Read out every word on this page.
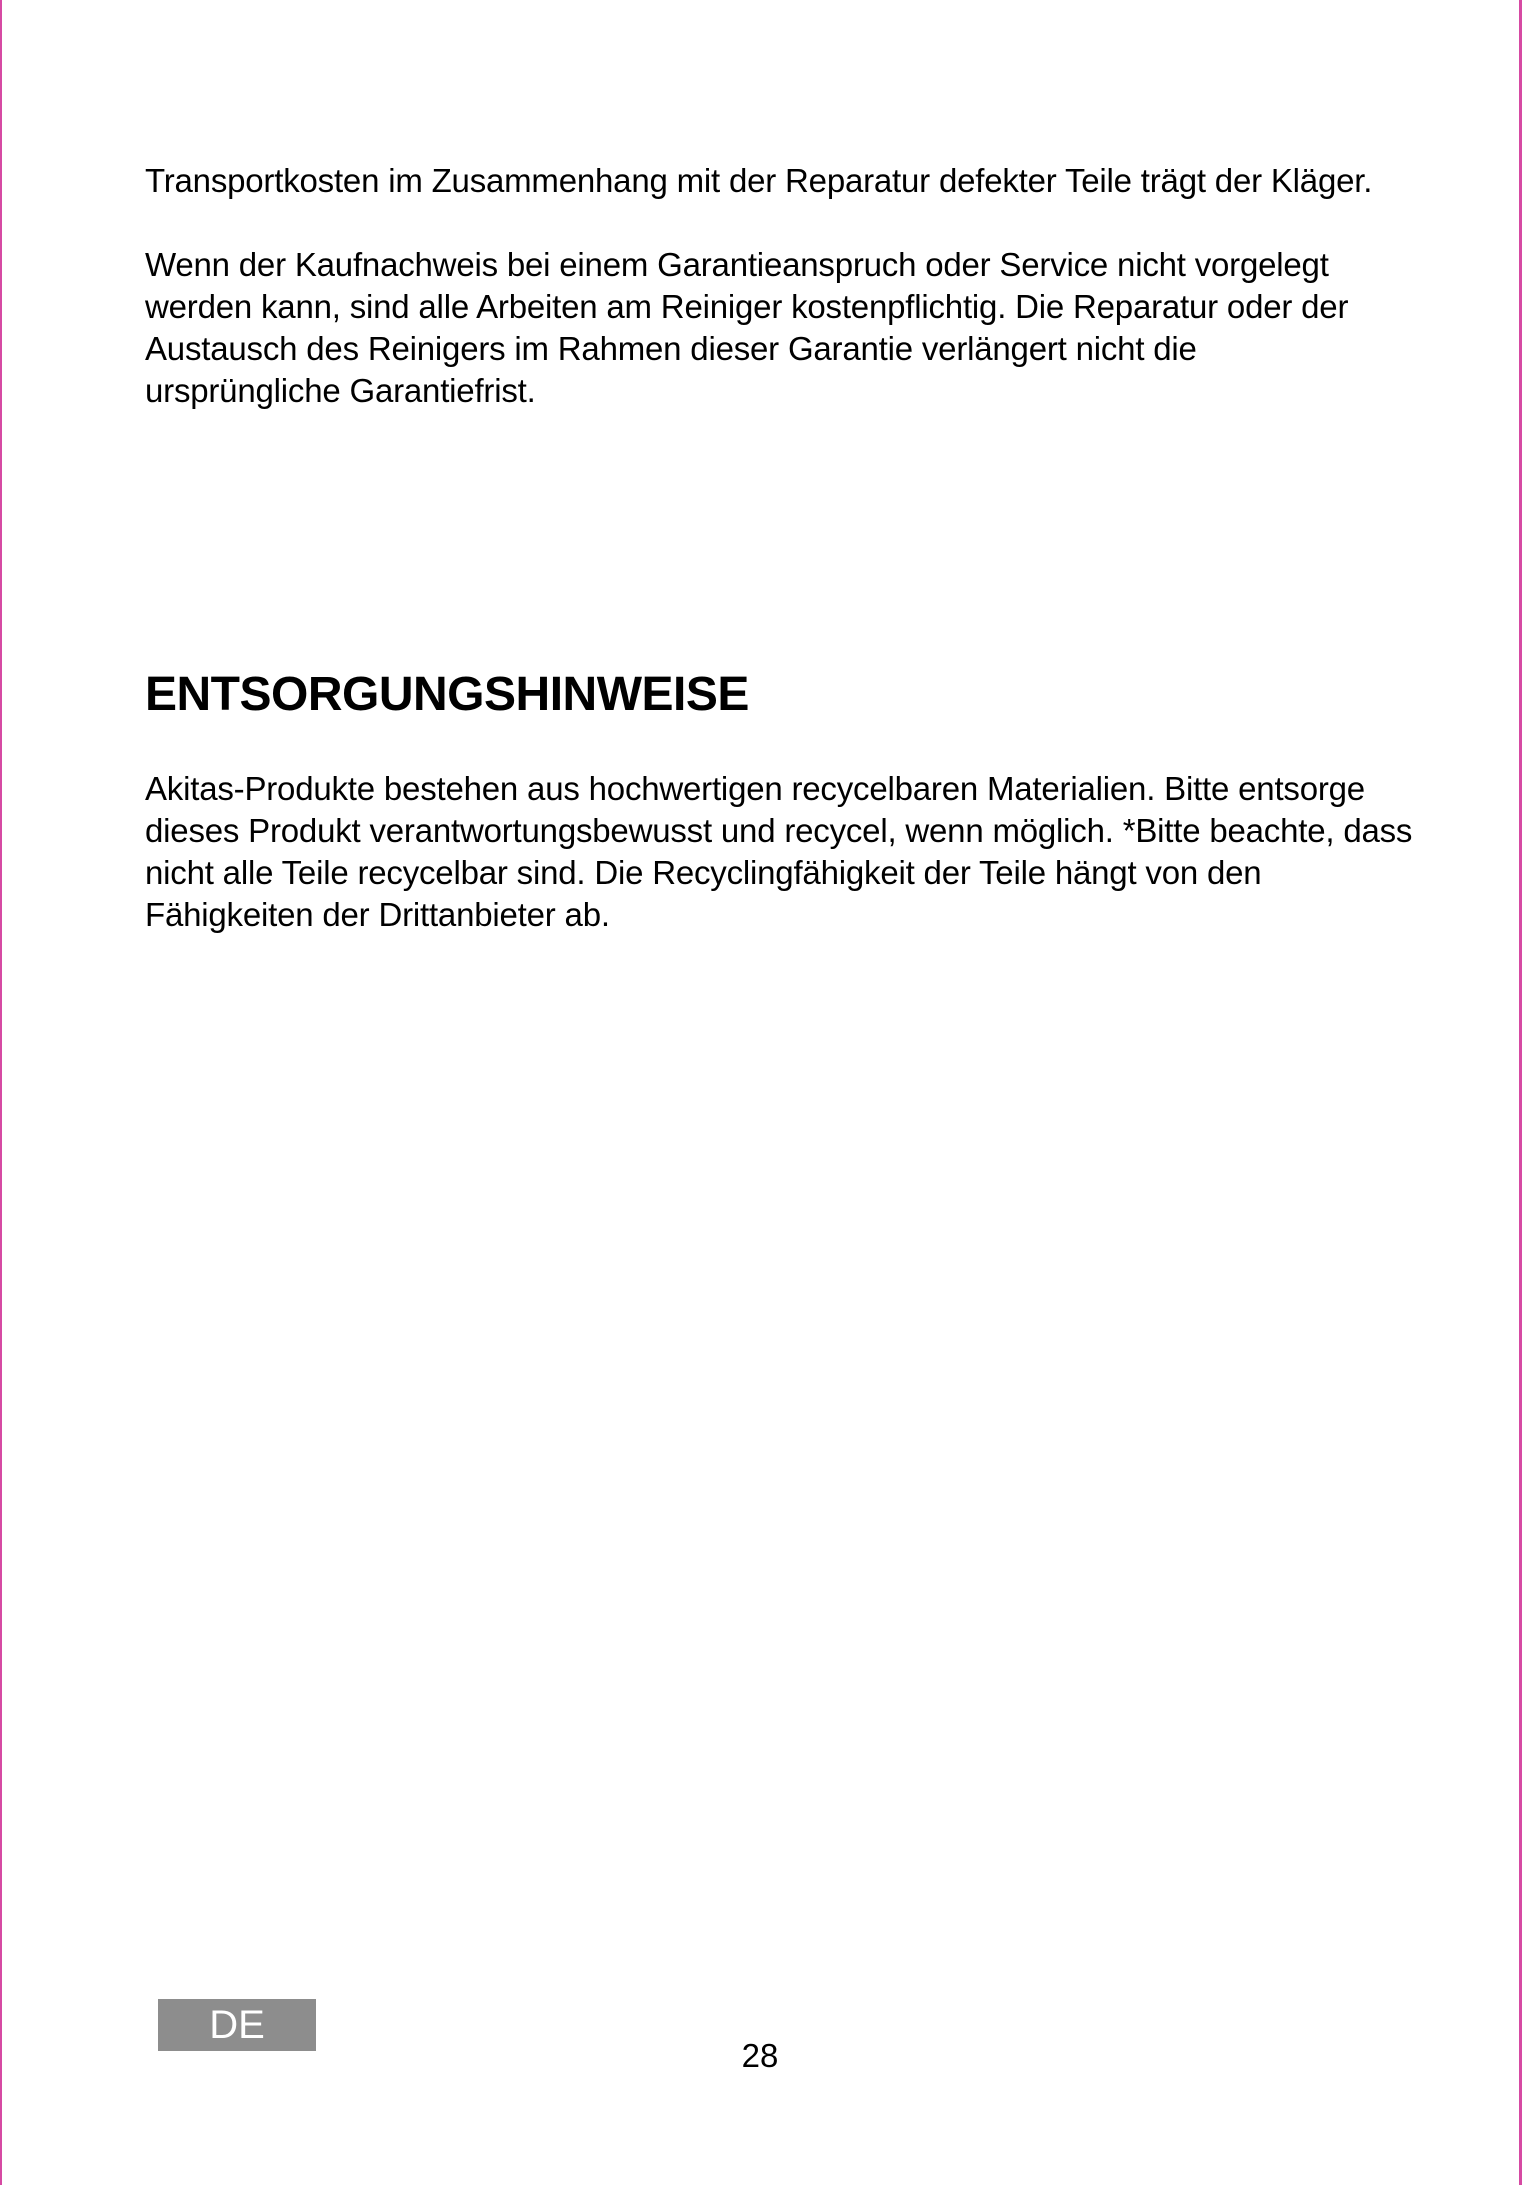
Transportkosten im Zusammenhang mit der Reparatur defekter Teile trägt der Kläger.

Wenn der Kaufnachweis bei einem Garantieanspruch oder Service nicht vorgelegt werden kann, sind alle Arbeiten am Reiniger kostenpflichtig. Die Reparatur oder der Austausch des Reinigers im Rahmen dieser Garantie verlängert nicht die ursprüngliche Garantiefrist.

ENTSORGUNGSHINWEISE

Akitas-Produkte bestehen aus hochwertigen recycelbaren Materialien. Bitte entsorge dieses Produkt verantwortungsbewusst und recycel, wenn möglich. *Bitte beachte, dass nicht alle Teile recycelbar sind. Die Recyclingfähigkeit der Teile hängt von den Fähigkeiten der Drittanbieter ab.

DE
28
